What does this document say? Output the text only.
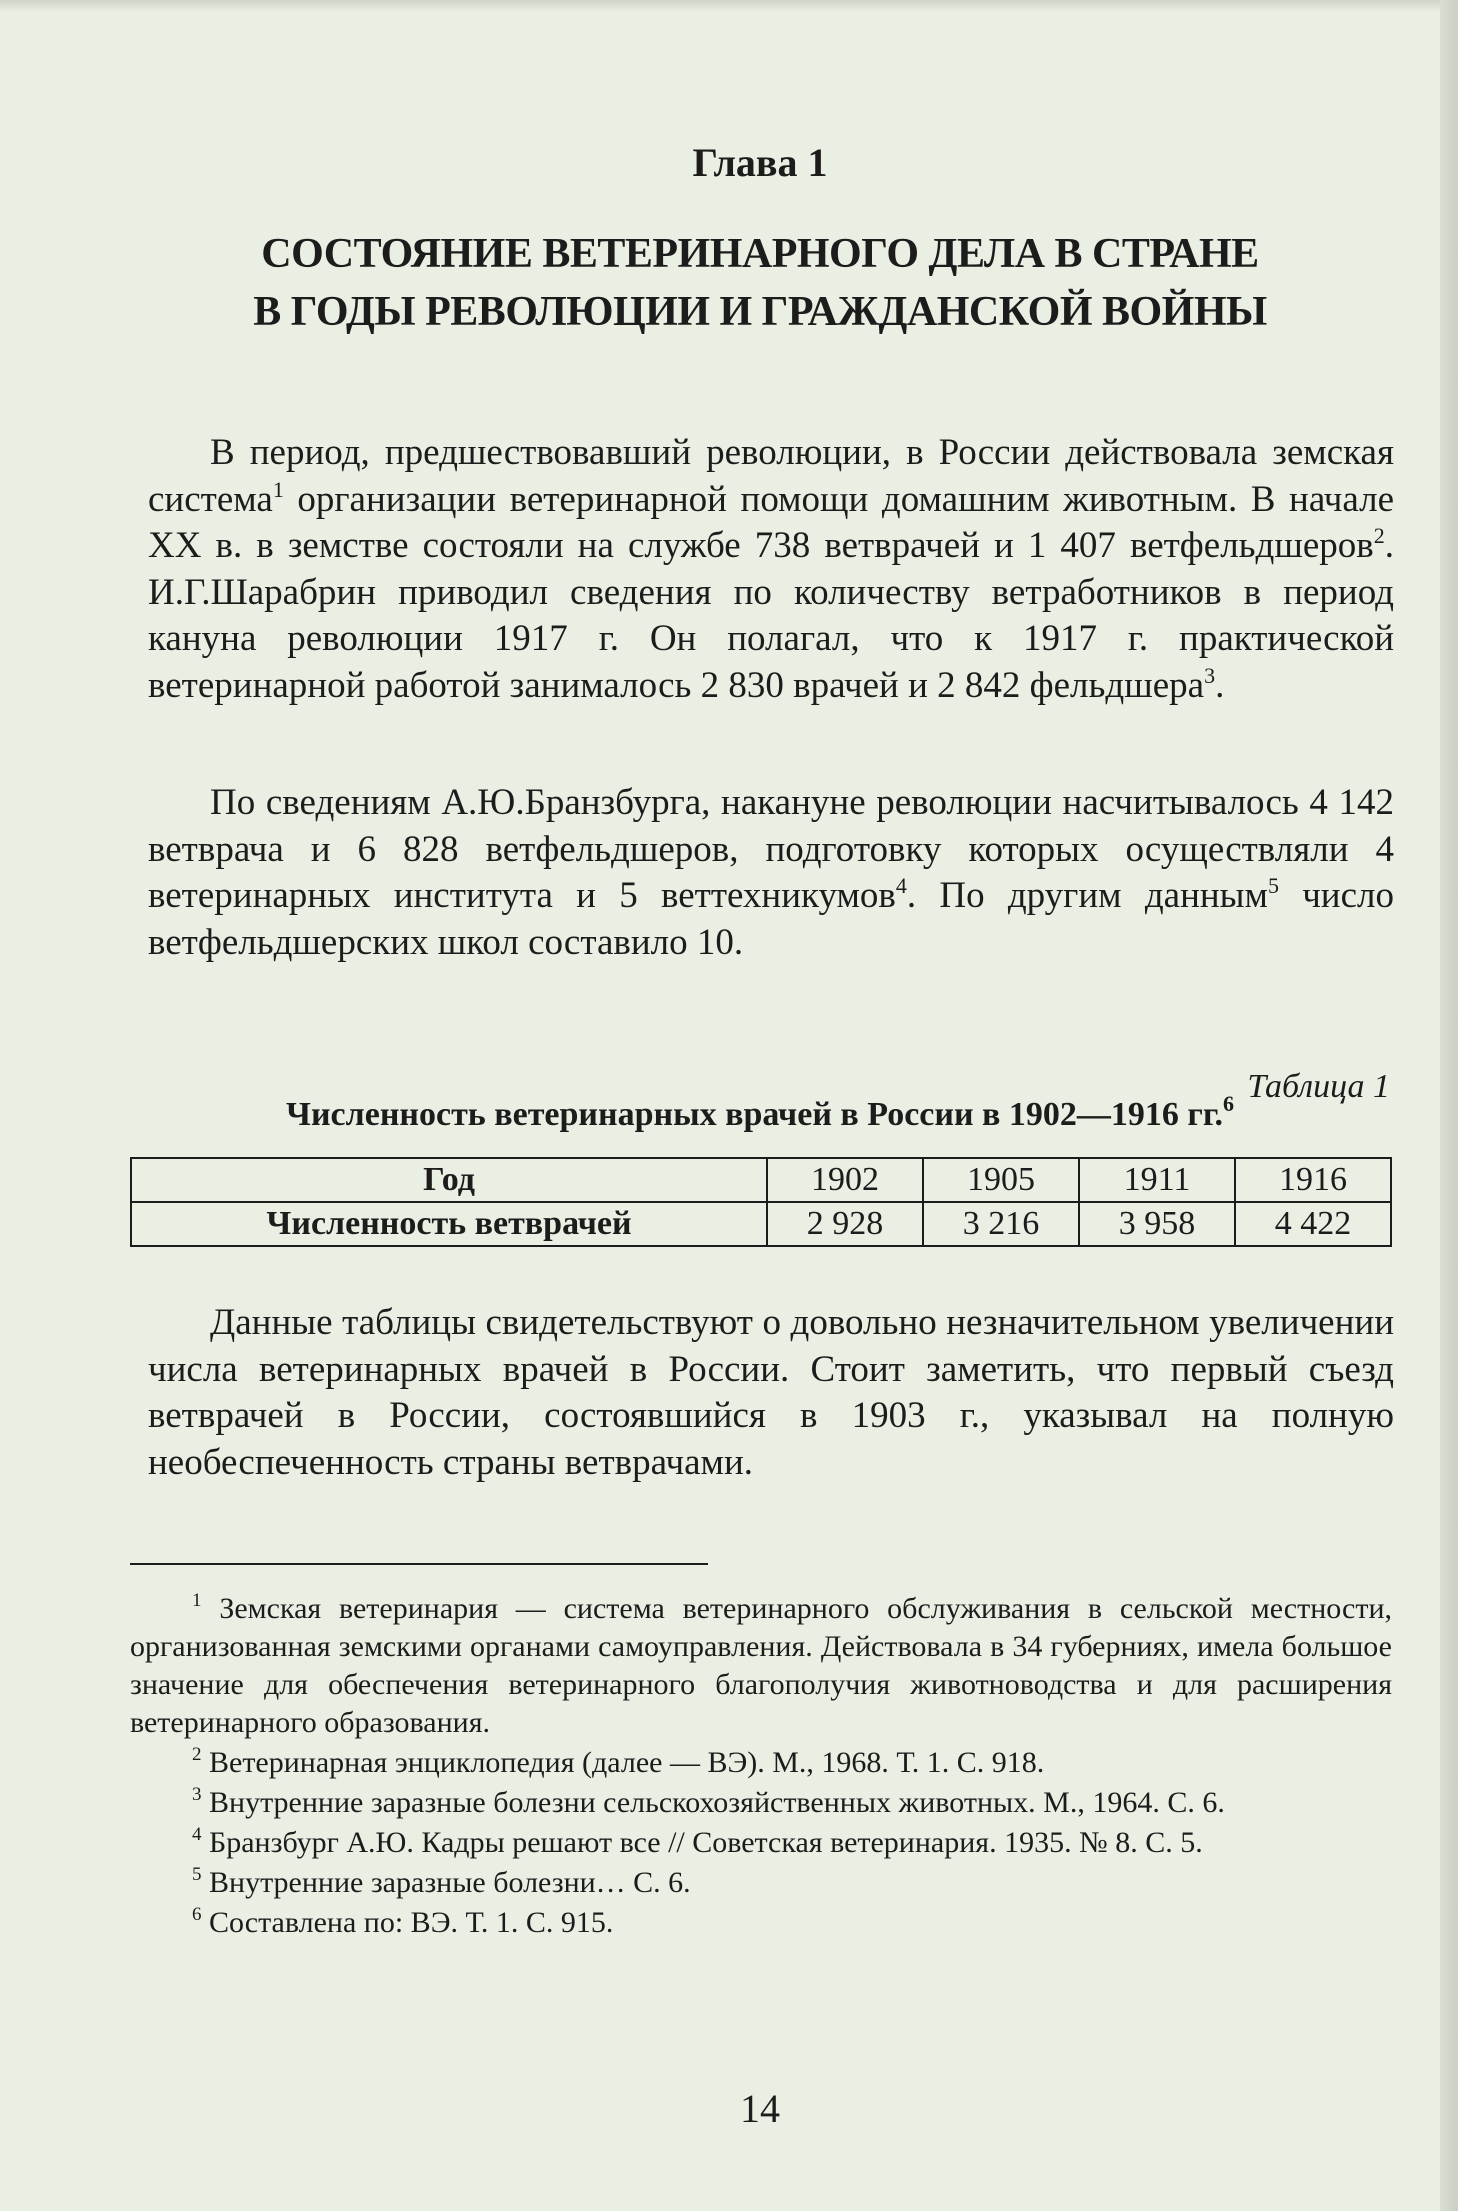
Глава 1
СОСТОЯНИЕ ВЕТЕРИНАРНОГО ДЕЛА В СТРАНЕ
В ГОДЫ РЕВОЛЮЦИИ И ГРАЖДАНСКОЙ ВОЙНЫ
В период, предшествовавший революции, в России действовала земская система$^1$ организации ветеринарной помощи домашним животным. В начале XX в. в земстве состояли на службе 738 ветврачей и 1 407 ветфельдшеров$^2$. И.Г.Шарабрин приводил сведения по количеству ветработников в период кануна революции 1917 г. Он полагал, что к 1917 г. практической ветеринарной работой занималось 2 830 врачей и 2 842 фельдшера$^3$.
По сведениям А.Ю.Бранзбурга, накануне революции насчитывалось 4 142 ветврача и 6 828 ветфельдшеров, подготовку которых осуществляли 4 ветеринарных института и 5 веттехникумов$^4$. По другим данным$^5$ число ветфельдшерских школ составило 10.
Таблица 1
Численность ветеринарных врачей в России в 1902—1916 гг.$^6$
Год	1902	1905	1911	1916
Численность ветврачей	2 928	3 216	3 958	4 422
Данные таблицы свидетельствуют о довольно незначительном увеличении числа ветеринарных врачей в России. Стоит заметить, что первый съезд ветврачей в России, состоявшийся в 1903 г., указывал на полную необеспеченность страны ветврачами.

$^1$ Земская ветеринария — система ветеринарного обслуживания в сельской местности, организованная земскими органами самоуправления. Действовала в 34 губерниях, имела большое значение для обеспечения ветеринарного благополучия животноводства и для расширения ветеринарного образования.

$^2$ Ветеринарная энциклопедия (далее — ВЭ). М., 1968. Т. 1. С. 918.

$^3$ Внутренние заразные болезни сельскохозяйственных животных. М., 1964. С. 6.

$^4$ Бранзбург А.Ю. Кадры решают все // Советская ветеринария. 1935. № 8. С. 5.

$^5$ Внутренние заразные болезни… С. 6.

$^6$ Составлена по: ВЭ. Т. 1. С. 915.

14
